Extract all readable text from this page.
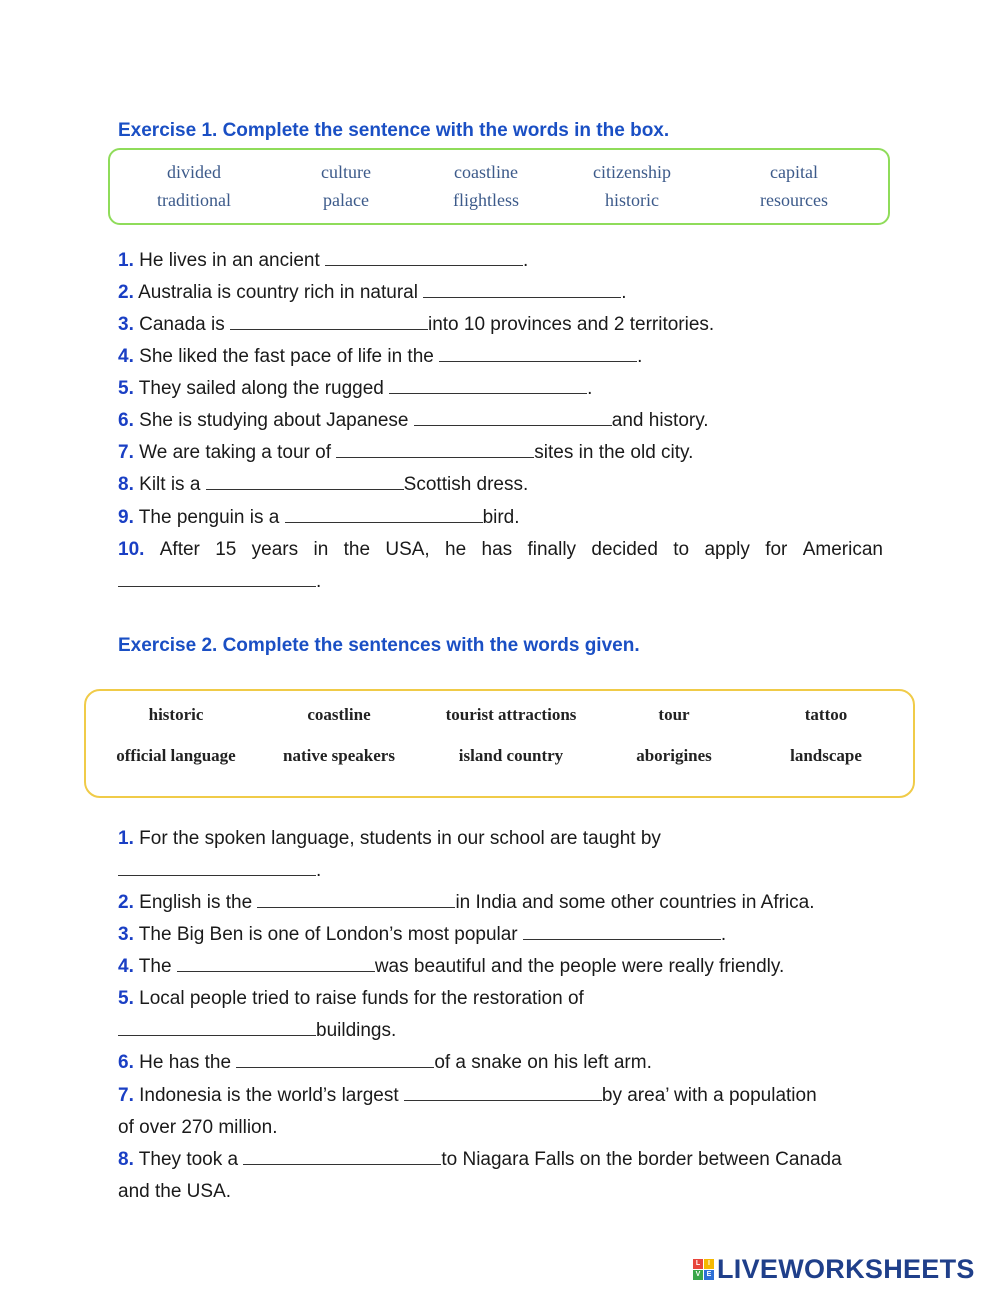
Exercise 1. Complete the sentence with the words in the box.
divided	culture	coastline	citizenship	capital
traditional	palace	flightless	historic	resources
1. He lives in an ancient	.
2. Australia is country rich in natural	.
3. Canada is	into 10 provinces and 2 territories.
4. She liked the fast pace of life in the	.
5. They sailed along the rugged	.
6. She is studying about Japanese	and history.
7. We are taking a tour of	sites in the old city.
8. Kilt is a	Scottish dress.
9. The penguin is a	bird.
10. After 15 years in the USA, he has finally decided to apply for American
.
Exercise 2. Complete the sentences with the words given.
historic	coastline	tourist attractions	tour	tattoo
official language	native speakers	island country	aborigines	landscape
1. For the spoken language, students in our school are taught by
.
2. English is the	in India and some other countries in Africa.
3. The Big Ben is one of London’s most popular	.
4. The	was beautiful and the people were really friendly.
5. Local people tried to raise funds for the restoration of
buildings.
6. He has the	of a snake on his left arm.
7. Indonesia is the world’s largest	by area’ with a population
of over 270 million.
8. They took a	to Niagara Falls on the border between Canada
and the USA.
L	I
V E LIVEWORKSHEETS
